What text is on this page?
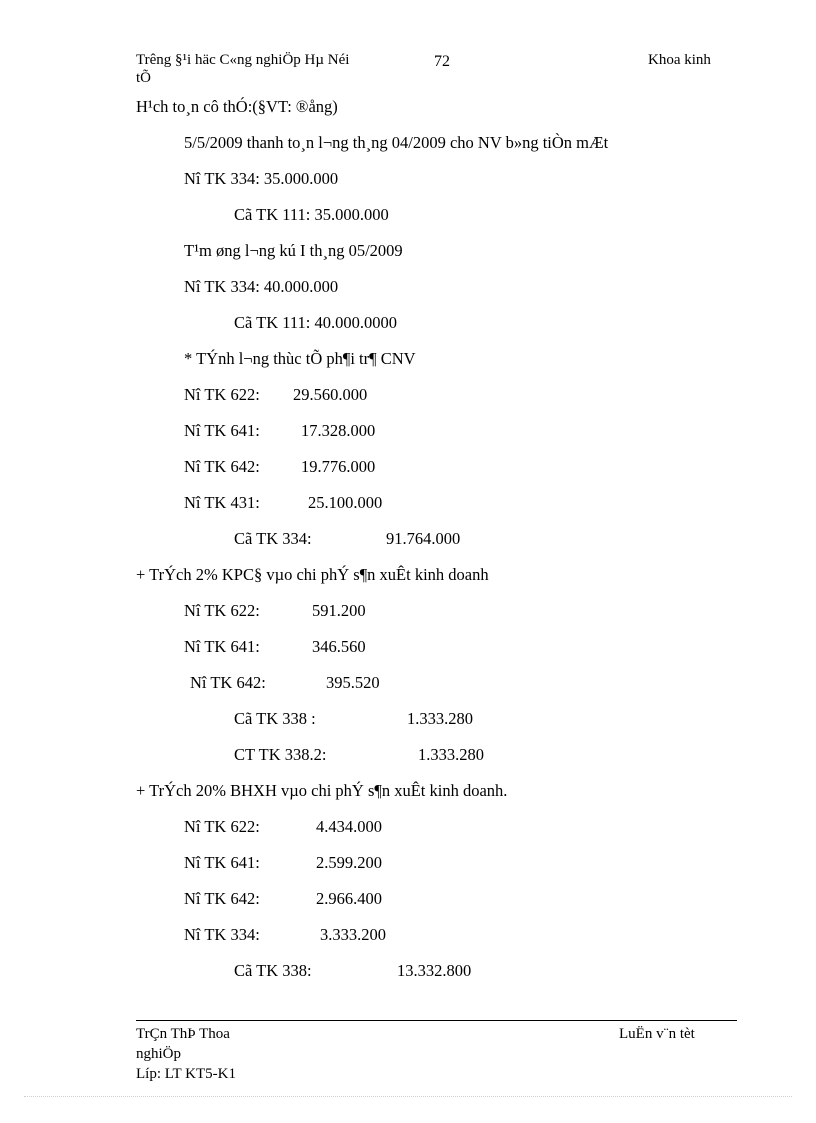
Trêng §¹i häc C«ng nghiÖp Hµ Néi
tÕ
72	Khoa kinh
H¹ch to¸n cô thÓ:(§VT: ®ång)
5/5/2009 thanh to¸n l¬ng th¸ng 04/2009 cho NV b»ng tiÒn mÆt
Nî TK 334: 35.000.000
Cã TK 111: 35.000.000
T¹m øng l¬ng kú I th¸ng 05/2009
Nî TK 334: 40.000.000
Cã TK 111: 40.000.0000
* TÝnh l¬ng thùc tÕ ph¶i tr¶ CNV
Nî TK 622: 29.560.000
Nî TK 641: 17.328.000
Nî TK 642: 19.776.000
Nî TK 431:	25.100.000
Cã TK 334:	91.764.000
+ TrÝch 2% KPC§ vµo chi phÝ s¶n xuÊt kinh doanh
Nî TK 622:	591.200
Nî TK 641:	346.560
Nî TK 642:	395.520
Cã TK 338 :	1.333.280
CT TK 338.2:	1.333.280
+ TrÝch 20% BHXH vµo chi phÝ s¶n xuÊt kinh doanh.
Nî TK 622:	4.434.000
Nî TK 641:	2.599.200
Nî TK 642:	2.966.400
Nî TK 334:	3.333.200
Cã TK 338:	13.332.800
TrÇn ThÞ Thoa
nghiÖp
Líp: LT KT5-K1
LuËn v¨n tèt
